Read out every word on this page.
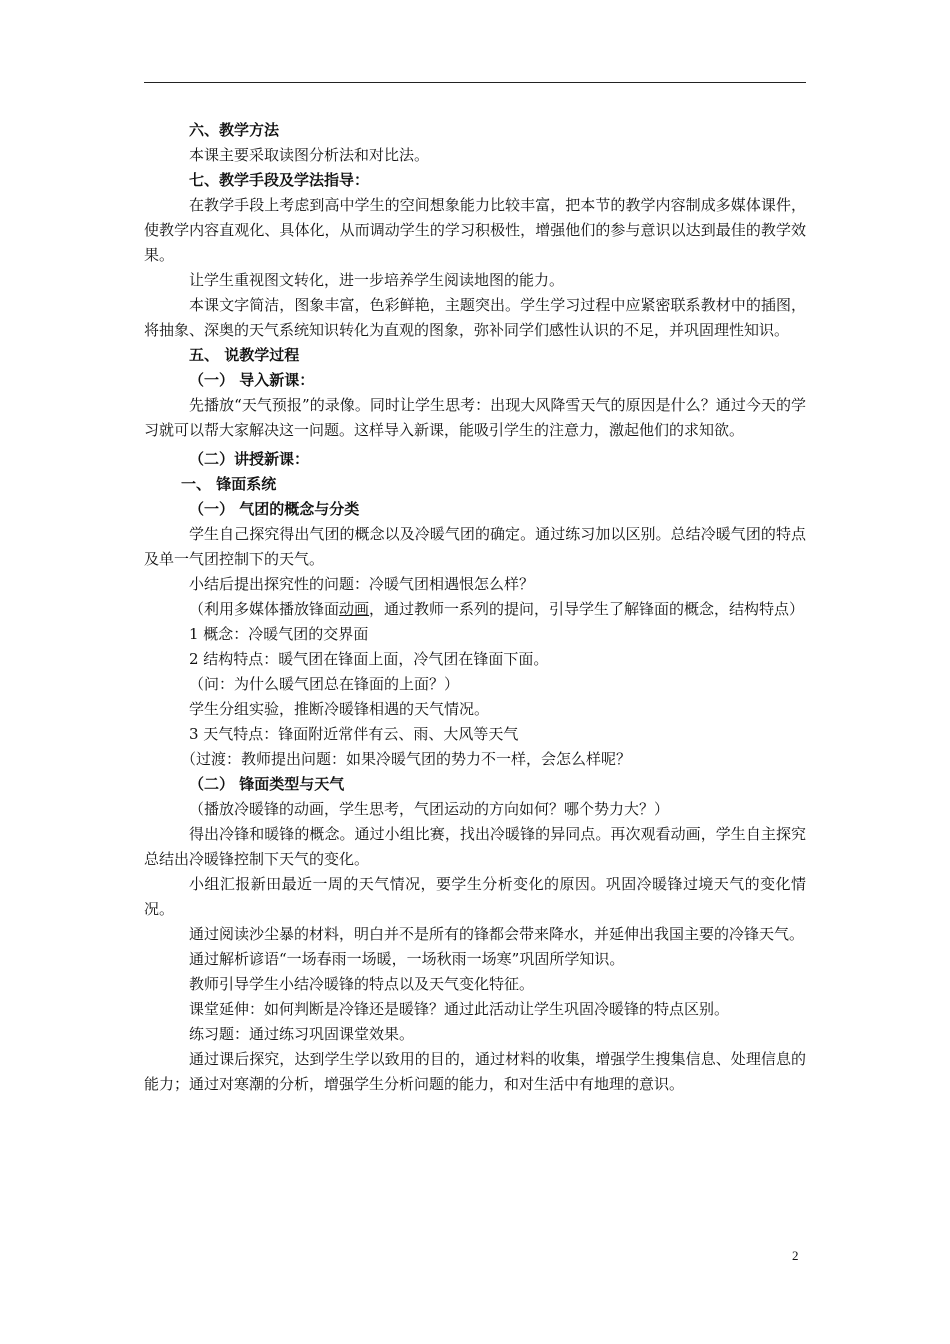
六、教学方法

本课主要采取读图分析法和对比法。

七、教学手段及学法指导：

在教学手段上考虑到高中学生的空间想象能力比较丰富，把本节的教学内容制成多媒体课件，使教学内容直观化、具体化，从而调动学生的学习积极性，增强他们的参与意识以达到最佳的教学效果。

让学生重视图文转化，进一步培养学生阅读地图的能力。

本课文字简洁，图象丰富，色彩鲜艳，主题突出。学生学习过程中应紧密联系教材中的插图，将抽象、深奥的天气系统知识转化为直观的图象，弥补同学们感性认识的不足，并巩固理性知识。

五、 说教学过程

（一） 导入新课：

先播放“天气预报”的录像。同时让学生思考：出现大风降雪天气的原因是什么？通过今天的学习就可以帮大家解决这一问题。这样导入新课，能吸引学生的注意力，激起他们的求知欲。

（二）讲授新课：

一、 锋面系统

（一） 气团的概念与分类

学生自己探究得出气团的概念以及冷暖气团的确定。通过练习加以区别。总结冷暖气团的特点及单一气团控制下的天气。

小结后提出探究性的问题：冷暖气团相遇恨怎么样？

（利用多媒体播放锋面动画，通过教师一系列的提问，引导学生了解锋面的概念，结构特点）

1 概念：冷暖气团的交界面

2 结构特点：暖气团在锋面上面，冷气团在锋面下面。

（问：为什么暖气团总在锋面的上面？）

学生分组实验，推断冷暖锋相遇的天气情况。

3 天气特点：锋面附近常伴有云、雨、大风等天气

（过渡：教师提出问题：如果冷暖气团的势力不一样，会怎么样呢？

（二） 锋面类型与天气

（播放冷暖锋的动画，学生思考，气团运动的方向如何？哪个势力大？）

得出冷锋和暖锋的概念。通过小组比赛，找出冷暖锋的异同点。再次观看动画，学生自主探究总结出冷暖锋控制下天气的变化。

小组汇报新田最近一周的天气情况，要学生分析变化的原因。巩固冷暖锋过境天气的变化情况。

通过阅读沙尘暴的材料，明白并不是所有的锋都会带来降水，并延伸出我国主要的冷锋天气。

通过解析谚语“一场春雨一场暖，一场秋雨一场寒”巩固所学知识。

教师引导学生小结冷暖锋的特点以及天气变化特征。

课堂延伸：如何判断是冷锋还是暖锋？通过此活动让学生巩固冷暖锋的特点区别。

练习题：通过练习巩固课堂效果。

通过课后探究，达到学生学以致用的目的，通过材料的收集，增强学生搜集信息、处理信息的能力；通过对寒潮的分析，增强学生分析问题的能力，和对生活中有地理的意识。

2
